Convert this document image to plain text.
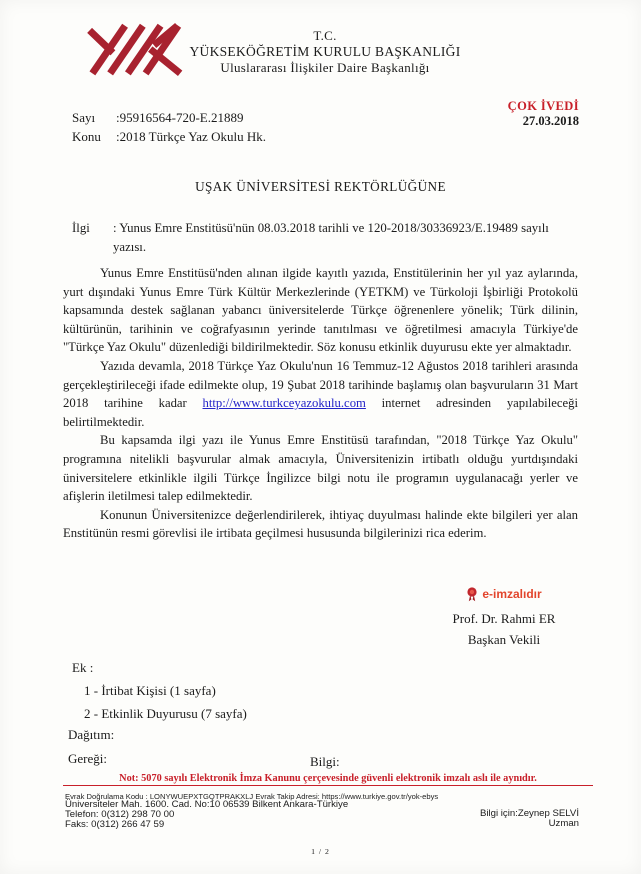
T.C.
YÜKSEKÖĞRETİM KURULU BAŞKANLIĞI
Uluslararası İlişkiler Daire Başkanlığı
ÇOK İVEDİ
27.03.2018
Sayı	:95916564-720-E.21889
Konu	:2018 Türkçe Yaz Okulu Hk.
UŞAK ÜNİVERSİTESİ REKTÖRLÜĞÜNE
İlgi	: Yunus Emre Enstitüsü'nün 08.03.2018 tarihli ve 120-2018/30336923/E.19489 sayılı yazısı.

Yunus Emre Enstitüsü'nden alınan ilgide kayıtlı yazıda, Enstitülerinin her yıl yaz aylarında, yurt dışındaki Yunus Emre Türk Kültür Merkezlerinde (YETKM) ve Türkoloji İşbirliği Protokolü kapsamında destek sağlanan yabancı üniversitelerde Türkçe öğrenenlere yönelik; Türk dilinin, kültürünün, tarihinin ve coğrafyasının yerinde tanıtılması ve öğretilmesi amacıyla Türkiye'de "Türkçe Yaz Okulu" düzenlediği bildirilmektedir. Söz konusu etkinlik duyurusu ekte yer almaktadır.

Yazıda devamla, 2018 Türkçe Yaz Okulu'nun 16 Temmuz-12 Ağustos 2018 tarihleri arasında gerçekleştirileceği ifade edilmekte olup, 19 Şubat 2018 tarihinde başlamış olan başvuruların 31 Mart 2018 tarihine kadar http://www.turkceyazokulu.com internet adresinden yapılabileceği belirtilmektedir.

Bu kapsamda ilgi yazı ile Yunus Emre Enstitüsü tarafından, "2018 Türkçe Yaz Okulu" programına nitelikli başvurular almak amacıyla, Üniversitenizin irtibatlı olduğu yurtdışındaki üniversitelere etkinlikle ilgili Türkçe İngilizce bilgi notu ile programın uygulanacağı yerler ve afişlerin iletilmesi talep edilmektedir.

Konunun Üniversitenizce değerlendirilerek, ihtiyaç duyulması halinde ekte bilgileri yer alan Enstitünün resmi görevlisi ile irtibata geçilmesi hususunda bilgilerinizi rica ederim.

e-imzalıdır
Prof. Dr. Rahmi ER
Başkan Vekili
Ek :
1 - İrtibat Kişisi (1 sayfa)
2 - Etkinlik Duyurusu (7 sayfa)
Dağıtım:
Gereği:	Bilgi:
Not: 5070 sayılı Elektronik İmza Kanunu çerçevesinde güvenli elektronik imzalı aslı ile aynıdır.
Evrak Doğrulama Kodu : LONYWUEPXTGQTPRAKXLJ Evrak Takip Adresi: https://www.turkiye.gov.tr/yok-ebys
Üniversiteler Mah. 1600. Cad. No:10 06539 Bilkent Ankara-Türkiye
Telefon: 0(312) 298 70 00
Faks: 0(312) 266 47 59
Bilgi için:Zeynep SELVİ
Uzman
1 / 2
